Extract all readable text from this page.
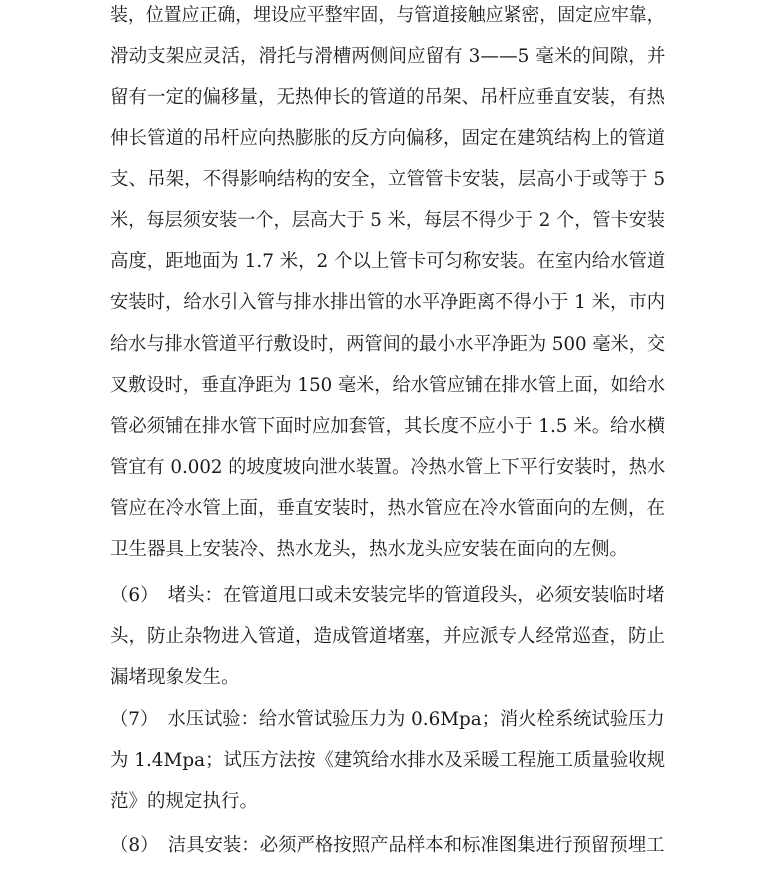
装，位置应正确，埋设应平整牢固，与管道接触应紧密，固定应牢靠，
滑动支架应灵活，滑托与滑槽两侧间应留有 3——5 毫米的间隙，并
留有一定的偏移量，无热伸长的管道的吊架、吊杆应垂直安装，有热
伸长管道的吊杆应向热膨胀的反方向偏移，固定在建筑结构上的管道
支、吊架，不得影响结构的安全，立管管卡安装，层高小于或等于 5
米，每层须安装一个，层高大于 5 米，每层不得少于 2 个，管卡安装
高度，距地面为 1.7 米，2 个以上管卡可匀称安装。在室内给水管道
安装时，给水引入管与排水排出管的水平净距离不得小于 1 米，市内
给水与排水管道平行敷设时，两管间的最小水平净距为 500 毫米，交
叉敷设时，垂直净距为 150 毫米，给水管应铺在排水管上面，如给水
管必须铺在排水管下面时应加套管，其长度不应小于 1.5 米。给水横
管宜有 0.002 的坡度坡向泄水装置。冷热水管上下平行安装时，热水
管应在冷水管上面，垂直安装时，热水管应在冷水管面向的左侧，在
卫生器具上安装冷、热水龙头，热水龙头应安装在面向的左侧。
（6）　堵头：在管道甩口或未安装完毕的管道段头，必须安装临时堵
头，防止杂物进入管道，造成管道堵塞，并应派专人经常巡查，防止
漏堵现象发生。
（7）　水压试验：给水管试验压力为 0.6Mpa；消火栓系统试验压力
为 1.4Mpa；试压方法按《建筑给水排水及采暖工程施工质量验收规
范》的规定执行。
（8）　洁具安装：必须严格按照产品样本和标准图集进行预留预埋工
